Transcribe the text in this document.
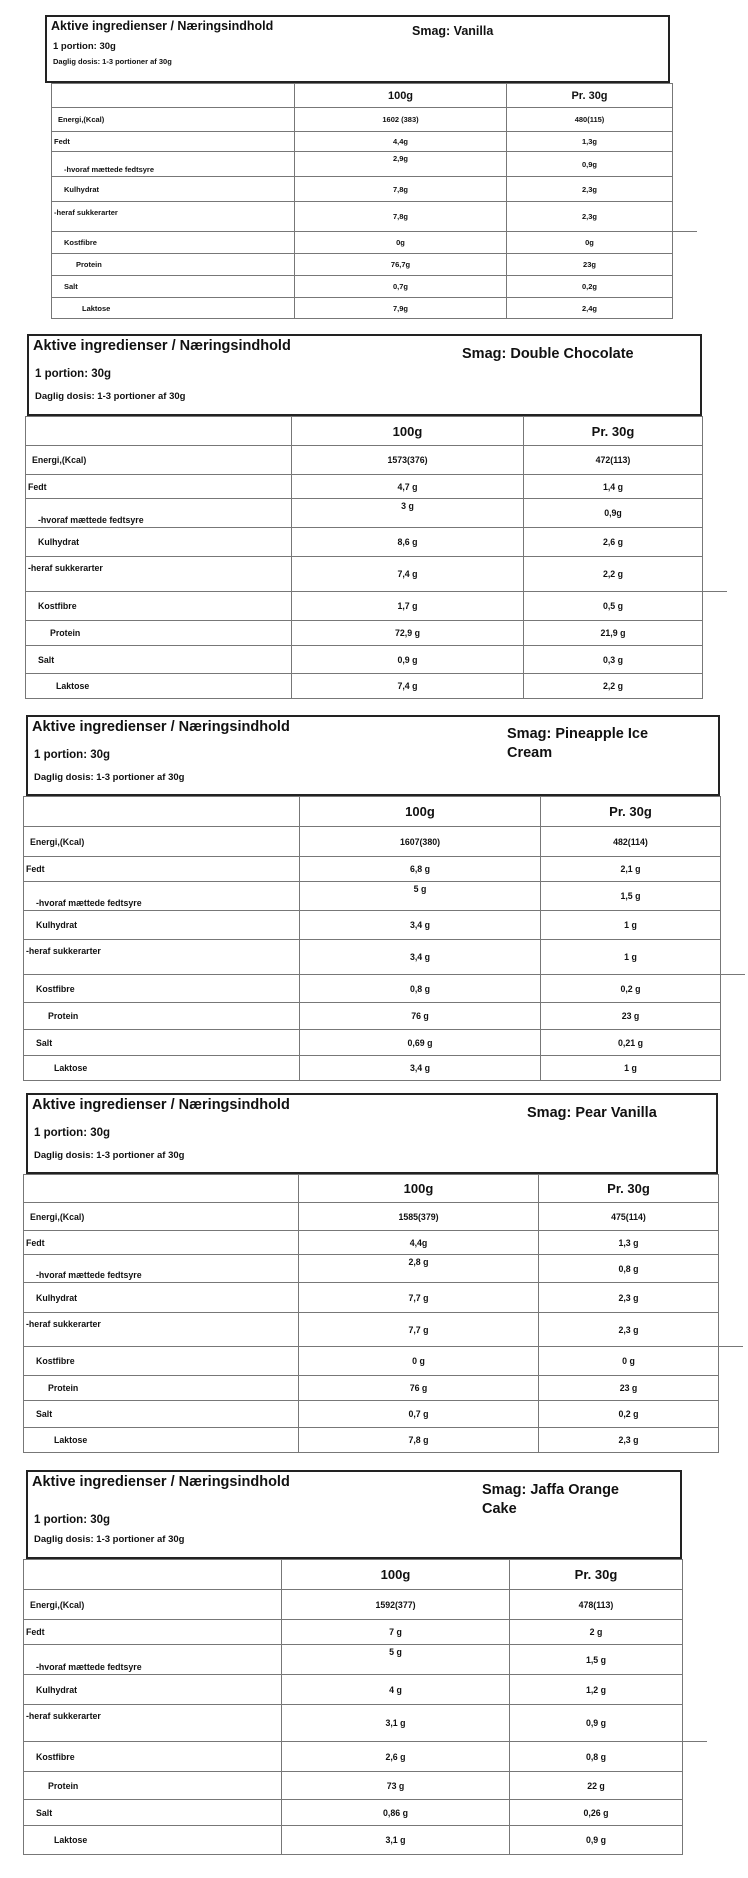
Aktive ingredienser / Næringsindhold
1 portion: 30g
Daglig dosis: 1-3 portioner af 30g
Smag: Vanilla
	100g	Pr. 30g
Energi,(Kcal)	1602 (383)	480(115)
Fedt	4,4g	1,3g
-hvoraf mættede fedtsyre	2,9g	0,9g
Kulhydrat	7,8g	2,3g
-heraf sukkerarter	7,8g	2,3g
Kostfibre	0g	0g
Protein	76,7g	23g
Salt	0,7g	0,2g
Laktose	7,9g	2,4g
Aktive ingredienser / Næringsindhold
1 portion: 30g
Daglig dosis: 1-3 portioner af 30g
Smag: Double Chocolate
	100g	Pr. 30g
Energi,(Kcal)	1573(376)	472(113)
Fedt	4,7 g	1,4 g
-hvoraf mættede fedtsyre	3 g	0,9g
Kulhydrat	8,6 g	2,6 g
-heraf sukkerarter	7,4 g	2,2 g
Kostfibre	1,7 g	0,5 g
Protein	72,9 g	21,9 g
Salt	0,9 g	0,3 g
Laktose	7,4 g	2,2 g
Aktive ingredienser / Næringsindhold
1 portion: 30g
Daglig dosis: 1-3 portioner af 30g
Smag: Pineapple Ice Cream
	100g	Pr. 30g
Energi,(Kcal)	1607(380)	482(114)
Fedt	6,8 g	2,1 g
-hvoraf mættede fedtsyre	5 g	1,5 g
Kulhydrat	3,4 g	1 g
-heraf sukkerarter	3,4 g	1 g
Kostfibre	0,8 g	0,2 g
Protein	76 g	23 g
Salt	0,69 g	0,21 g
Laktose	3,4 g	1 g
Aktive ingredienser / Næringsindhold
1 portion: 30g
Daglig dosis: 1-3 portioner af 30g
Smag: Pear Vanilla
	100g	Pr. 30g
Energi,(Kcal)	1585(379)	475(114)
Fedt	4,4g	1,3 g
-hvoraf mættede fedtsyre	2,8 g	0,8 g
Kulhydrat	7,7 g	2,3 g
-heraf sukkerarter	7,7 g	2,3 g
Kostfibre	0 g	0 g
Protein	76 g	23 g
Salt	0,7 g	0,2 g
Laktose	7,8 g	2,3 g
Aktive ingredienser / Næringsindhold
1 portion: 30g
Daglig dosis: 1-3 portioner af 30g
Smag: Jaffa Orange Cake
	100g	Pr. 30g
Energi,(Kcal)	1592(377)	478(113)
Fedt	7 g	2 g
-hvoraf mættede fedtsyre	5 g	1,5 g
Kulhydrat	4 g	1,2 g
-heraf sukkerarter	3,1 g	0,9 g
Kostfibre	2,6 g	0,8 g
Protein	73 g	22 g
Salt	0,86 g	0,26 g
Laktose	3,1 g	0,9 g
